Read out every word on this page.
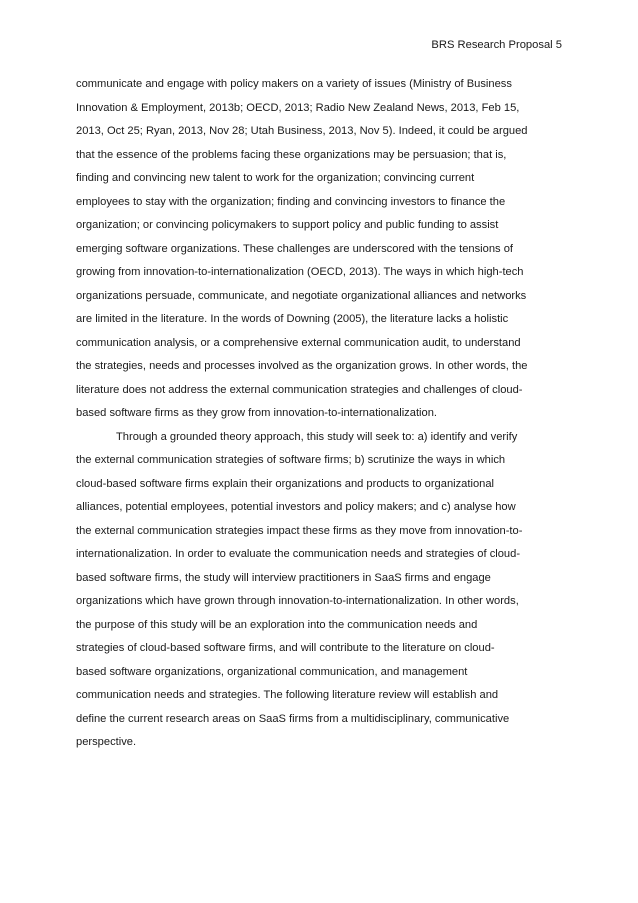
BRS Research Proposal 5
communicate and engage with policy makers on a variety of issues (Ministry of Business
Innovation & Employment, 2013b; OECD, 2013; Radio New Zealand News, 2013, Feb 15,
2013, Oct 25; Ryan, 2013, Nov 28; Utah Business, 2013, Nov 5). Indeed, it could be argued
that the essence of the problems facing these organizations may be persuasion; that is,
finding and convincing new talent to work for the organization; convincing current
employees to stay with the organization; finding and convincing investors to finance the
organization; or convincing policymakers to support policy and public funding to assist
emerging software organizations. These challenges are underscored with the tensions of
growing from innovation-to-internationalization (OECD, 2013). The ways in which high-tech
organizations persuade, communicate, and negotiate organizational alliances and networks
are limited in the literature. In the words of Downing (2005), the literature lacks a holistic
communication analysis, or a comprehensive external communication audit, to understand
the strategies, needs and processes involved as the organization grows. In other words, the
literature does not address the external communication strategies and challenges of cloud-
based software firms as they grow from innovation-to-internationalization.
Through a grounded theory approach, this study will seek to: a) identify and verify
the external communication strategies of software firms; b) scrutinize the ways in which
cloud-based software firms explain their organizations and products to organizational
alliances, potential employees, potential investors and policy makers; and c) analyse how
the external communication strategies impact these firms as they move from innovation-to-
internationalization. In order to evaluate the communication needs and strategies of cloud-
based software firms, the study will interview practitioners in SaaS firms and engage
organizations which have grown through innovation-to-internationalization. In other words,
the purpose of this study will be an exploration into the communication needs and
strategies of cloud-based software firms, and will contribute to the literature on cloud-
based software organizations, organizational communication, and management
communication needs and strategies. The following literature review will establish and
define the current research areas on SaaS firms from a multidisciplinary, communicative
perspective.
